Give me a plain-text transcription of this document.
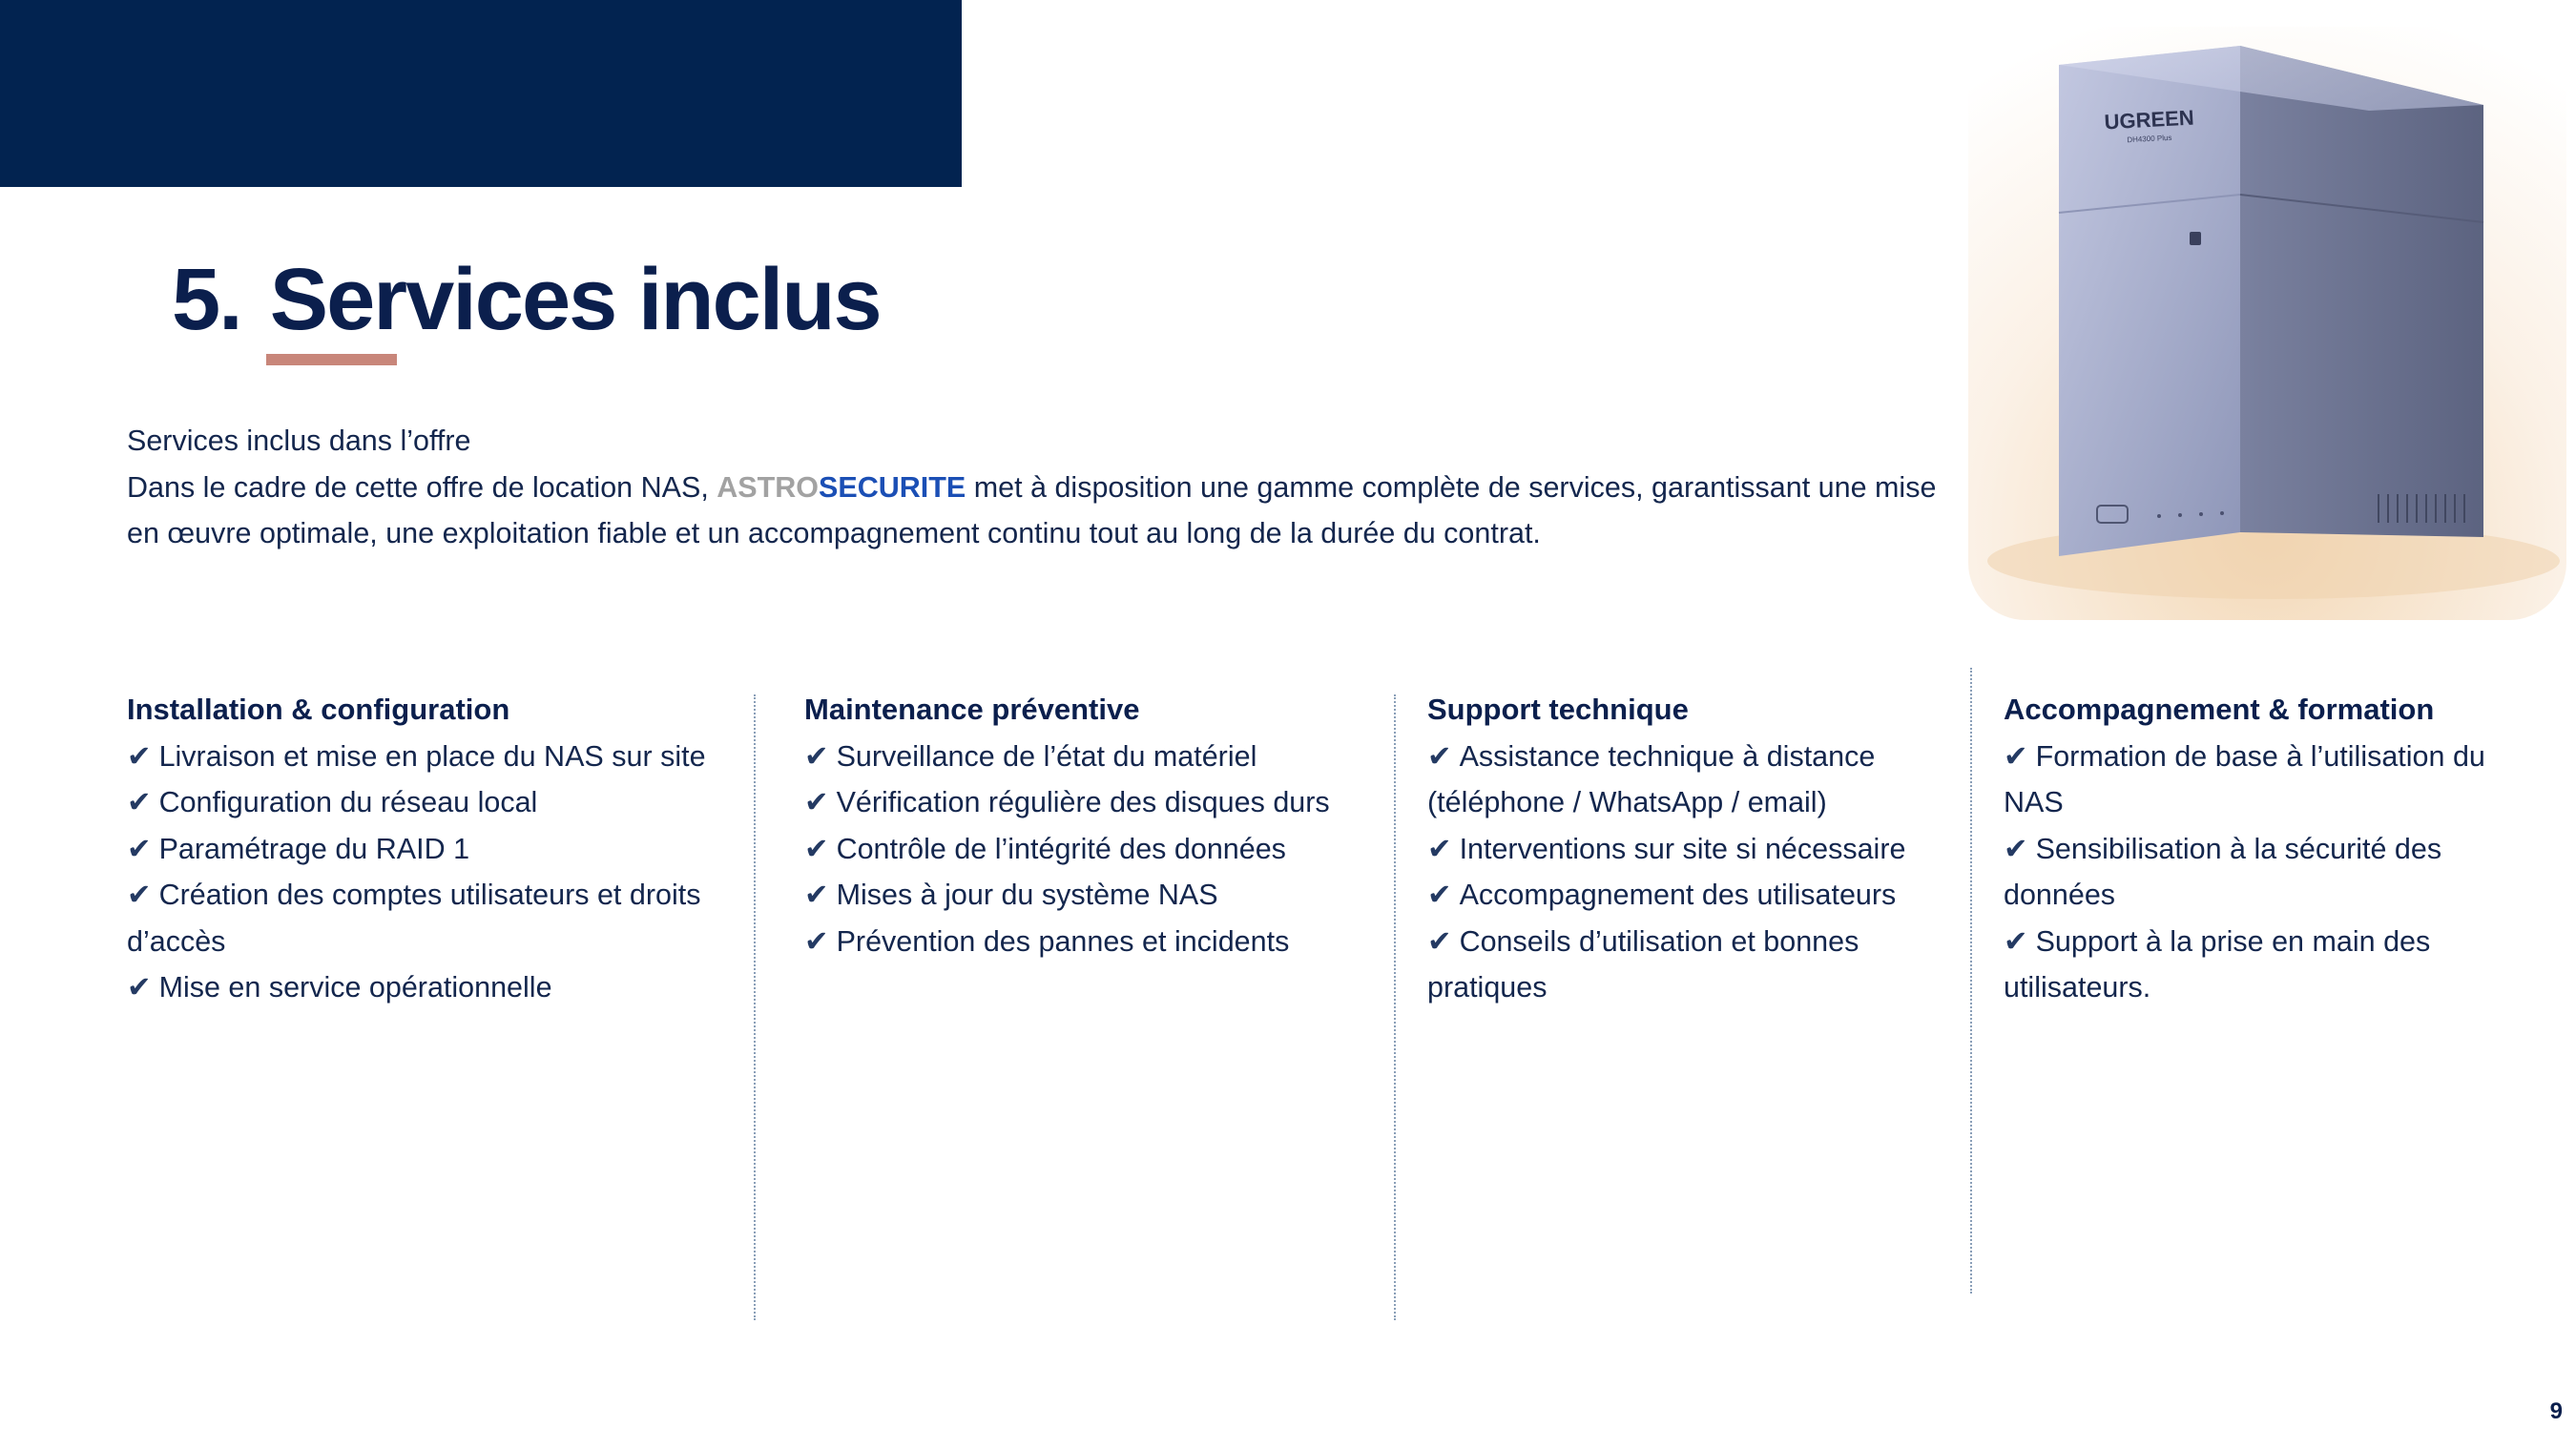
5. Services inclus

Services inclus dans l’offre

Dans le cadre de cette offre de location NAS, ASTROSECURITE met à disposition une gamme complète de services, garantissant une mise en œuvre optimale, une exploitation fiable et un accompagnement continu tout au long de la durée du contrat.

UGREEN
DH4300 Plus
Installation & configuration
✔ Livraison et mise en place du NAS sur site
✔ Configuration du réseau local
✔ Paramétrage du RAID 1
✔ Création des comptes utilisateurs et droits d’accès
✔ Mise en service opérationnelle
Maintenance préventive
✔ Surveillance de l’état du matériel
✔ Vérification régulière des disques durs
✔ Contrôle de l’intégrité des données
✔ Mises à jour du système NAS
✔ Prévention des pannes et incidents
Support technique
✔ Assistance technique à distance (téléphone / WhatsApp / email)
✔ Interventions sur site si nécessaire
✔ Accompagnement des utilisateurs
✔ Conseils d’utilisation et bonnes pratiques
Accompagnement & formation
✔ Formation de base à l’utilisation du NAS
✔ Sensibilisation à la sécurité des données
✔ Support à la prise en main des utilisateurs.
9
